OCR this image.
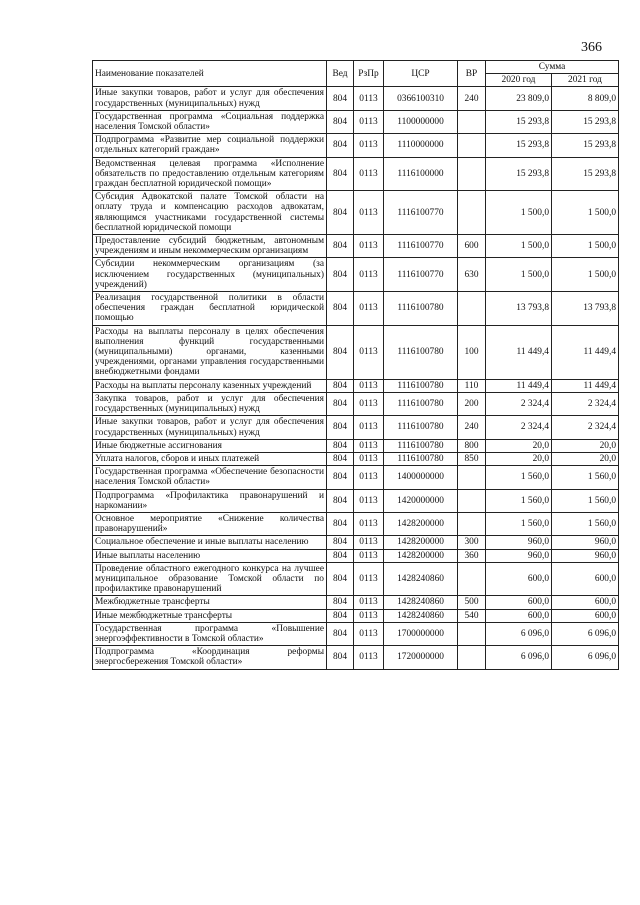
366
Наименование показателей	Вед	РзПр	ЦСР	ВР	Сумма	
					2020 год	2021 год
Иные закупки товаров, работ и услуг для обеспечения государственных (муниципальных) нужд	804	0113	0366100310	240	23 809,0	8 809,0
Государственная программа «Социальная поддержка населения Томской области»	804	0113	1100000000		15 293,8	15 293,8
Подпрограмма «Развитие мер социальной поддержки отдельных категорий граждан»	804	0113	1110000000		15 293,8	15 293,8
Ведомственная целевая программа «Исполнение обязательств по предоставлению отдельным категориям граждан бесплатной юридической помощи»	804	0113	1116100000		15 293,8	15 293,8
Субсидия Адвокатской палате Томской области на оплату труда и компенсацию расходов адвокатам, являющимся участниками государственной системы бесплатной юридической помощи	804	0113	1116100770		1 500,0	1 500,0
Предоставление субсидий бюджетным, автономным учреждениям и иным некоммерческим организациям	804	0113	1116100770	600	1 500,0	1 500,0
Субсидии некоммерческим организациям (за исключением государственных (муниципальных) учреждений)	804	0113	1116100770	630	1 500,0	1 500,0
Реализация государственной политики в области обеспечения граждан бесплатной юридической помощью	804	0113	1116100780		13 793,8	13 793,8
Расходы на выплаты персоналу в целях обеспечения выполнения функций государственными (муниципальными) органами, казенными учреждениями, органами управления государственными внебюджетными фондами	804	0113	1116100780	100	11 449,4	11 449,4
Расходы на выплаты персоналу казенных учреждений	804	0113	1116100780	110	11 449,4	11 449,4
Закупка товаров, работ и услуг для обеспечения государственных (муниципальных) нужд	804	0113	1116100780	200	2 324,4	2 324,4
Иные закупки товаров, работ и услуг для обеспечения государственных (муниципальных) нужд	804	0113	1116100780	240	2 324,4	2 324,4
Иные бюджетные ассигнования	804	0113	1116100780	800	20,0	20,0
Уплата налогов, сборов и иных платежей	804	0113	1116100780	850	20,0	20,0
Государственная программа «Обеспечение безопасности населения Томской области»	804	0113	1400000000		1 560,0	1 560,0
Подпрограмма «Профилактика правонарушений и наркомании»	804	0113	1420000000		1 560,0	1 560,0
Основное мероприятие «Снижение количества правонарушений»	804	0113	1428200000		1 560,0	1 560,0
Социальное обеспечение и иные выплаты населению	804	0113	1428200000	300	960,0	960,0
Иные выплаты населению	804	0113	1428200000	360	960,0	960,0
Проведение областного ежегодного конкурса на лучшее муниципальное образование Томской области по профилактике правонарушений	804	0113	1428240860		600,0	600,0
Межбюджетные трансферты	804	0113	1428240860	500	600,0	600,0
Иные межбюджетные трансферты	804	0113	1428240860	540	600,0	600,0
Государственная программа «Повышение энергоэффективности в Томской области»	804	0113	1700000000		6 096,0	6 096,0
Подпрограмма «Координация реформы энергосбережения Томской области»	804	0113	1720000000		6 096,0	6 096,0
